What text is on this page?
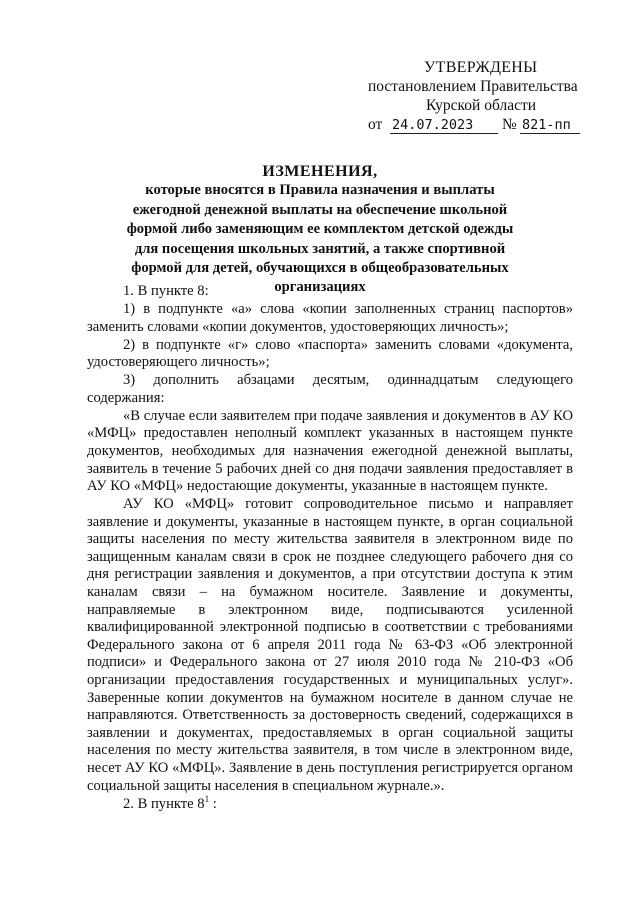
УТВЕРЖДЕНЫ
постановлением Правительства
Курской области
от 24.07.2023	№ 821-пп
ИЗМЕНЕНИЯ,
которые вносятся в Правила назначения и выплаты ежегодной денежной выплаты на обеспечение школьной формой либо заменяющим ее комплектом детской одежды для посещения школьных занятий, а также спортивной формой для детей, обучающихся в общеобразовательных организациях

1. В пункте 8:

1) в подпункте «а» слова «копии заполненных страниц паспортов» заменить словами «копии документов, удостоверяющих личность»;

2) в подпункте «г» слово «паспорта» заменить словами «документа, удостоверяющего личность»;

3) дополнить абзацами десятым, одиннадцатым следующего содержания:

«В случае если заявителем при подаче заявления и документов в АУ КО «МФЦ» предоставлен неполный комплект указанных в настоящем пункте документов, необходимых для назначения ежегодной денежной выплаты, заявитель в течение 5 рабочих дней со дня подачи заявления предоставляет в АУ КО «МФЦ» недостающие документы, указанные в настоящем пункте.

АУ КО «МФЦ» готовит сопроводительное письмо и направляет заявление и документы, указанные в настоящем пункте, в орган социальной защиты населения по месту жительства заявителя в электронном виде по защищенным каналам связи в срок не позднее следующего рабочего дня со дня регистрации заявления и документов, а при отсутствии доступа к этим каналам связи – на бумажном носителе. Заявление и документы, направляемые в электронном виде, подписываются усиленной квалифицированной электронной подписью в соответствии с требованиями Федерального закона от 6 апреля 2011 года № 63-ФЗ «Об электронной подписи» и Федерального закона от 27 июля 2010 года № 210-ФЗ «Об организации предоставления государственных и муниципальных услуг». Заверенные копии документов на бумажном носителе в данном случае не направляются. Ответственность за достоверность сведений, содержащихся в заявлении и документах, предоставляемых в орган социальной защиты населения по месту жительства заявителя, в том числе в электронном виде, несет АУ КО «МФЦ». Заявление в день поступления регистрируется органом социальной защиты населения в специальном журнале.».

2. В пункте $8^1$ :
